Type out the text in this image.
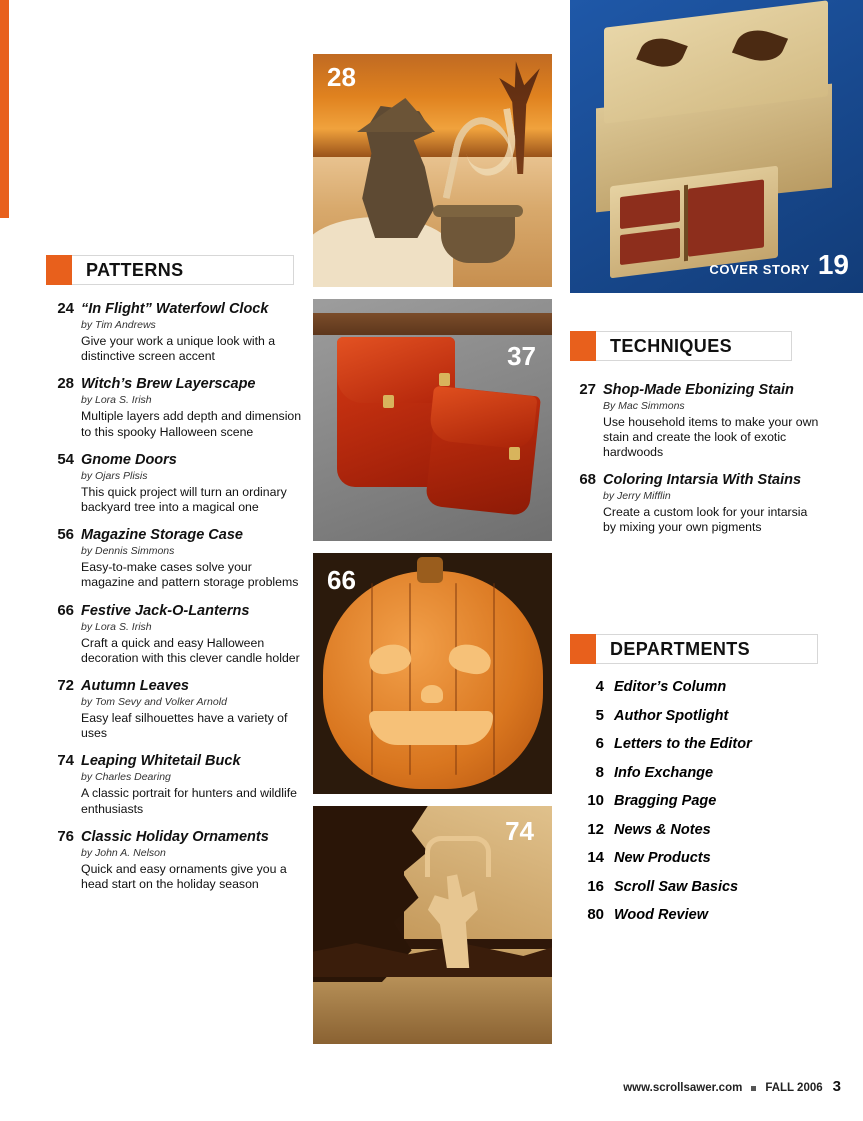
PATTERNS
24 “In Flight” Waterfowl Clock
by Tim Andrews
Give your work a unique look with a distinctive screen accent
28 Witch’s Brew Layerscape
by Lora S. Irish
Multiple layers add depth and dimension to this spooky Halloween scene
54 Gnome Doors
by Ojars Plisis
This quick project will turn an ordinary backyard tree into a magical one
56 Magazine Storage Case
by Dennis Simmons
Easy-to-make cases solve your magazine and pattern storage problems
66 Festive Jack-O-Lanterns
by Lora S. Irish
Craft a quick and easy Halloween decoration with this clever candle holder
72 Autumn Leaves
by Tom Sevy and Volker Arnold
Easy leaf silhouettes have a variety of uses
74 Leaping Whitetail Buck
by Charles Dearing
A classic portrait for hunters and wildlife enthusiasts
76 Classic Holiday Ornaments
by John A. Nelson
Quick and easy ornaments give you a head start on the holiday season
TECHNIQUES
27 Shop-Made Ebonizing Stain
By Mac Simmons
Use household items to make your own stain and create the look of exotic hardwoods
68 Coloring Intarsia With Stains
by Jerry Mifflin
Create a custom look for your intarsia by mixing your own pigments
DEPARTMENTS
4 Editor’s Column
5 Author Spotlight
6 Letters to the Editor
8 Info Exchange
10 Bragging Page
12 News & Notes
14 New Products
16 Scroll Saw Basics
80 Wood Review
28
37
66
74
COVER STORY 19
www.scrollsawer.com FALL 2006 3
